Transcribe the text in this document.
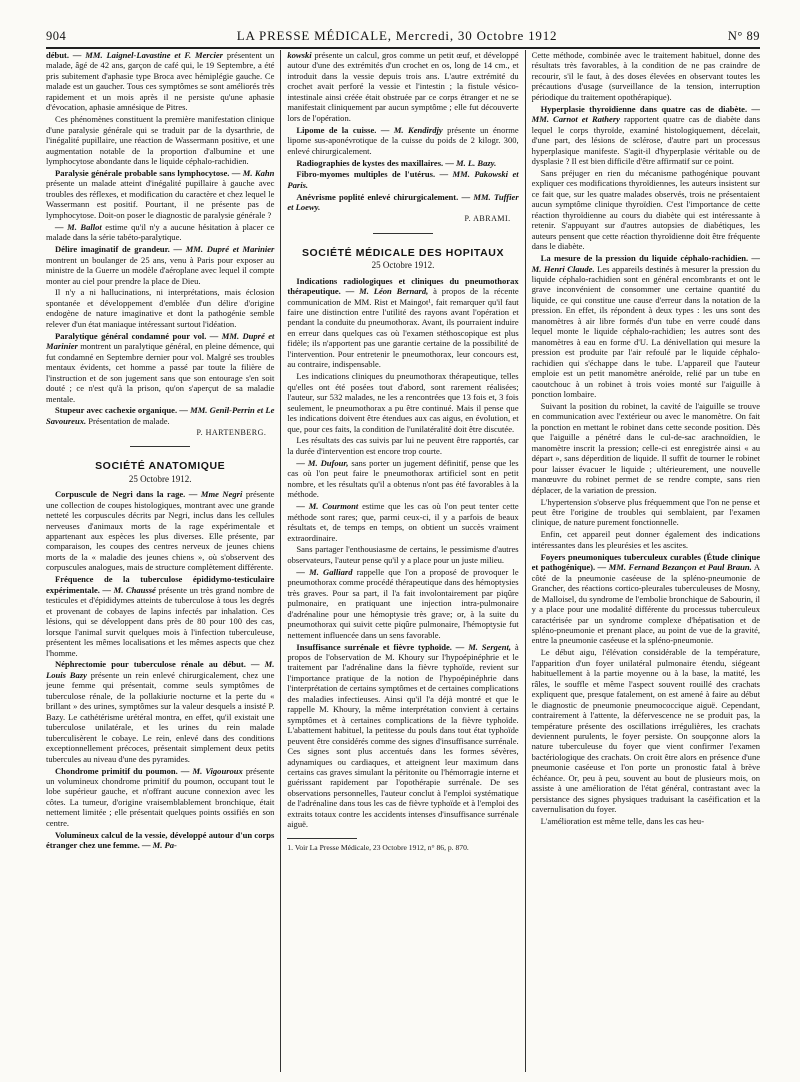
904	LA PRESSE MÉDICALE, Mercredi, 30 Octobre 1912	N° 89

début. — MM. Laignel-Lavastine et F. Mercier présentent un malade, âgé de 42 ans, garçon de café qui, le 19 Septembre, a été pris subitement d'aphasie type Broca avec hémiplégie gauche. Ce malade est un gaucher. Tous ces symptômes se sont améliorés très rapidement et un mois après il ne persiste qu'une aphasie d'évocation, aphasie amnésique de Pitres.

Ces phénomènes constituent la première manifestation clinique d'une paralysie générale qui se traduit par de la dysarthrie, de l'inégalité pupillaire, une réaction de Wassermann positive, et une augmentation notable de la proportion d'albumine et une lymphocytose abondante dans le liquide céphalo-rachidien.

Paralysie générale probable sans lymphocytose. — M. Kahn présente un malade atteint d'inégalité pupillaire à gauche avec troubles des réflexes, et modification du caractère et chez lequel le Wassermann est positif. Pourtant, il ne présente pas de lymphocytose. Doit-on poser le diagnostic de paralysie générale ?

— M. Ballot estime qu'il n'y a aucune hésitation à placer ce malade dans la série tabéto-paralytique.

Délire imaginatif de grandeur. — MM. Dupré et Marinier montrent un boulanger de 25 ans, venu à Paris pour exposer au ministre de la Guerre un modèle d'aéroplane avec lequel il compte monter au ciel pour prendre la place de Dieu.

Il n'y a ni hallucinations, ni interprétations, mais éclosion spontanée et développement d'emblée d'un délire d'origine endogène de nature imaginative et dont la pathogénie semble relever d'un état maniaque intéressant surtout l'idéation.

Paralytique général condamné pour vol. — MM. Dupré et Marinier montrent un paralytique général, en pleine démence, qui fut condamné en Septembre dernier pour vol. Malgré ses troubles mentaux évidents, cet homme a passé par toute la filière de l'instruction et de son jugement sans que son entourage s'en soit douté ; ce n'est qu'à la prison, qu'on s'aperçut de sa maladie mentale.

Stupeur avec cachexie organique. — MM. Genil-Perrin et Le Savoureux. Présentation de malade.

P. HARTENBERG.

SOCIÉTÉ ANATOMIQUE
25 Octobre 1912.

Corpuscule de Negri dans la rage. — Mme Negri présente une collection de coupes histologiques, montrant avec une grande netteté les corpuscules décrits par Negri, inclus dans les cellules nerveuses d'animaux morts de la rage expérimentale et appartenant aux espèces les plus diverses. Elle présente, par comparaison, les coupes des centres nerveux de jeunes chiens morts de la « maladie des jeunes chiens », où s'observent des corpuscules analogues, mais de structure complètement différente.

Fréquence de la tuberculose épididymo-testiculaire expérimentale. — M. Chaussé présente un très grand nombre de testicules et d'épididymes atteints de tuberculose à tous les degrés et provenant de cobayes de lapins infectés par inhalation. Ces lésions, qui se développent dans près de 80 pour 100 des cas, lorsque l'animal survit quelques mois à l'infection tuberculeuse, présentent les mêmes localisations et les mêmes aspects que chez l'homme.

Néphrectomie pour tuberculose rénale au début. — M. Louis Bazy présente un rein enlevé chirurgicalement, chez une jeune femme qui présentait, comme seuls symptômes de tuberculose rénale, de la pollakiurie nocturne et la perte du « brillant » des urines, symptômes sur la valeur desquels a insisté P. Bazy. Le cathétérisme urétéral montra, en effet, qu'il existait une tuberculose unilatérale, et les urines du rein malade tuberculisèrent le cobaye. Le rein, enlevé dans des conditions exceptionnellement précoces, présentait simplement deux petits tubercules au niveau d'une des pyramides.

Chondrome primitif du poumon. — M. Vigouroux présente un volumineux chondrome primitif du poumon, occupant tout le lobe supérieur gauche, et n'offrant aucune connexion avec les côtes. La tumeur, d'origine vraisemblablement bronchique, était nettement limitée ; elle présentait quelques points ossifiés en son centre.

Volumineux calcul de la vessie, développé autour d'un corps étranger chez une femme. — M. Pa-

kowski présente un calcul, gros comme un petit œuf, et développé autour d'une des extrémités d'un crochet en os, long de 14 cm., et introduit dans la vessie depuis trois ans. L'autre extrémité du crochet avait perforé la vessie et l'intestin ; la fistule vésico-intestinale ainsi créée était obstruée par ce corps étranger et ne se manifestait cliniquement par aucun symptôme ; elle fut découverte lors de l'opération.

Lipome de la cuisse. — M. Kendirdjy présente un énorme lipome sus-aponévrotique de la cuisse du poids de 2 kilogr. 300, enlevé chirurgicalement.

Radiographies de kystes des maxillaires. — M. L. Bazy.

Fibro-myomes multiples de l'utérus. — MM. Pakowski et Paris.

Anévrisme poplité enlevé chirurgicalement. — MM. Tuffier et Loewy.

P. ABRAMI.

SOCIÉTÉ MÉDICALE DES HOPITAUX
25 Octobre 1912.

Indications radiologiques et cliniques du pneumothorax thérapeutique. — M. Léon Bernard, à propos de la récente communication de MM. Rist et Maingot¹, fait remarquer qu'il faut faire une distinction entre l'utilité des rayons avant l'opération et pendant la conduite du pneumothorax. Avant, ils pourraient induire en erreur dans quelques cas où l'examen stéthoscopique est plus fidèle; ils n'apportent pas une garantie certaine de la possibilité de l'intervention. Pour entretenir le pneumothorax, leur concours est, au contraire, indispensable.

Les indications cliniques du pneumothorax thérapeutique, telles qu'elles ont été posées tout d'abord, sont rarement réalisées; l'auteur, sur 532 malades, ne les a rencontrées que 13 fois et, 3 fois seulement, le pneumothorax a pu être continué. Mais il pense que les indications doivent être étendues aux cas aigus, en évolution, et que, pour ces faits, la condition de l'unilatéralité doit être discutée.

Les résultats des cas suivis par lui ne peuvent être rapportés, car la durée d'intervention est encore trop courte.

— M. Dufour, sans porter un jugement définitif, pense que les cas où l'on peut faire le pneumothorax artificiel sont en petit nombre, et les résultats qu'il a obtenus n'ont pas été favorables à la méthode.

— M. Courmont estime que les cas où l'on peut tenter cette méthode sont rares; que, parmi ceux-ci, il y a parfois de beaux résultats et, de temps en temps, on obtient un succès vraiment extraordinaire.

Sans partager l'enthousiasme de certains, le pessimisme d'autres observateurs, l'auteur pense qu'il y a place pour un juste milieu.

— M. Galliard rappelle que l'on a proposé de provoquer le pneumothorax comme procédé thérapeutique dans des hémoptysies très graves. Pour sa part, il l'a fait involontairement par piqûre pulmonaire, en pratiquant une injection intra-pulmonaire d'adrénaline pour une hémoptysie très grave; or, à la suite du pneumothorax qui suivit cette piqûre pulmonaire, l'hémoptysie fut nettement influencée dans un sens favorable.

Insuffisance surrénale et fièvre typhoïde. — M. Sergent, à propos de l'observation de M. Khoury sur l'hypoépinéphrie et le traitement par l'adrénaline dans la fièvre typhoïde, revient sur l'importance pratique de la notion de l'hypoépinéphrie dans l'interprétation de certains symptômes et de certaines complications des maladies infectieuses. Ainsi qu'il l'a déjà montré et que le rappelle M. Khoury, la même interprétation convient à certains symptômes et à certaines complications de la fièvre typhoïde. L'abattement habituel, la petitesse du pouls dans tout état typhoïde peuvent être considérés comme des signes d'insuffisance surrénale. Ces signes sont plus accentués dans les formes sévères, adynamiques ou cardiaques, et atteignent leur maximum dans certains cas graves simulant la péritonite ou l'hémorragie interne et guérissant rapidement par l'opothérapie surrénale. De ses observations personnelles, l'auteur conclut à l'emploi systématique de l'adrénaline dans tous les cas de fièvre typhoïde et à l'emploi des extraits totaux contre les accidents intenses d'insuffisance surrénale aiguë.

1. Voir La Presse Médicale, 23 Octobre 1912, n° 86, p. 870.

Cette méthode, combinée avec le traitement habituel, donne des résultats très favorables, à la condition de ne pas craindre de recourir, s'il le faut, à des doses élevées en observant toutes les précautions d'usage (surveillance de la tension, interruption périodique du traitement opothérapique).

Hyperplasie thyroïdienne dans quatre cas de diabète. — MM. Carnot et Rathery rapportent quatre cas de diabète dans lequel le corps thyroïde, examiné histologiquement, décelait, d'une part, des lésions de sclérose, d'autre part un processus hyperplasique manifeste. S'agit-il d'hyperplasie véritable ou de dysplasie ? Il est bien difficile d'être affirmatif sur ce point.

Sans préjuger en rien du mécanisme pathogénique pouvant expliquer ces modifications thyroïdiennes, les auteurs insistent sur ce fait que, sur les quatre malades observés, trois ne présentaient aucun symptôme clinique thyroïdien. C'est l'importance de cette réaction thyroïdienne au cours du diabète qui est intéressante à retenir. S'appuyant sur d'autres autopsies de diabétiques, les auteurs pensent que cette réaction thyroïdienne doit être fréquente dans le diabète.

La mesure de la pression du liquide céphalo-rachidien. — M. Henri Claude. Les appareils destinés à mesurer la pression du liquide céphalo-rachidien sont en général encombrants et ont le grave inconvénient de consommer une certaine quantité du liquide, ce qui constitue une cause d'erreur dans la notation de la pression. En effet, ils répondent à deux types : les uns sont des manomètres à air libre formés d'un tube en verre coudé dans lequel monte le liquide céphalo-rachidien; les autres sont des manomètres à eau en forme d'U. La dénivellation qui mesure la pression est produite par l'air refoulé par le liquide céphalo-rachidien qui s'échappe dans le tube. L'appareil que l'auteur emploie est un petit manomètre anéroïde, relié par un tube en caoutchouc à un robinet à trois voies monté sur l'aiguille à ponction lombaire.

Suivant la position du robinet, la cavité de l'aiguille se trouve en communication avec l'extérieur ou avec le manomètre. On fait la ponction en mettant le robinet dans cette seconde position. Dès que l'aiguille a pénétré dans le cul-de-sac arachnoïdien, le manomètre inscrit la pression; celle-ci est enregistrée ainsi « au départ », sans déperdition de liquide. Il suffit de tourner le robinet pour laisser évacuer le liquide ; ultérieurement, une nouvelle manœuvre du robinet permet de se rendre compte, sans rien déplacer, de la variation de pression.

L'hypertension s'observe plus fréquemment que l'on ne pense et peut être l'origine de troubles qui semblaient, par l'examen clinique, de nature purement fonctionnelle.

Enfin, cet appareil peut donner également des indications intéressantes dans les pleurésies et les ascites.

Foyers pneumoniques tuberculeux curables (Étude clinique et pathogénique). — MM. Fernand Bezançon et Paul Braun. A côté de la pneumonie caséeuse de la spléno-pneumonie de Grancher, des réactions cortico-pleurales tuberculeuses de Mosny, de Malloisel, du syndrome de l'embolie bronchique de Sabourin, il y a place pour une modalité différente du processus tuberculeux caractérisée par un syndrome complexe d'hépatisation et de spléno-pneumonie et prenant place, au point de vue de la gravité, entre la pneumonie caséeuse et la spléno-pneumonie.

Le début aigu, l'élévation considérable de la température, l'apparition d'un foyer unilatéral pulmonaire étendu, siégeant habituellement à la partie moyenne ou à la base, la matité, les râles, le souffle et même l'aspect souvent rouillé des crachats expliquent que, presque fatalement, on est amené à faire au début le diagnostic de pneumonie pneumococcique aiguë. Cependant, contrairement à l'attente, la défervescence ne se produit pas, la température présente des oscillations irrégulières, les crachats deviennent purulents, le foyer persiste. On soupçonne alors la nature tuberculeuse du foyer que vient confirmer l'examen bactériologique des crachats. On croit être alors en présence d'une pneumonie caséeuse et l'on porte un pronostic fatal à brève échéance. Or, peu à peu, souvent au bout de plusieurs mois, on assiste à une amélioration de l'état général, contrastant avec la persistance des signes physiques traduisant la caséification et la cavernulisation du foyer.

L'amélioration est même telle, dans les cas heu-
